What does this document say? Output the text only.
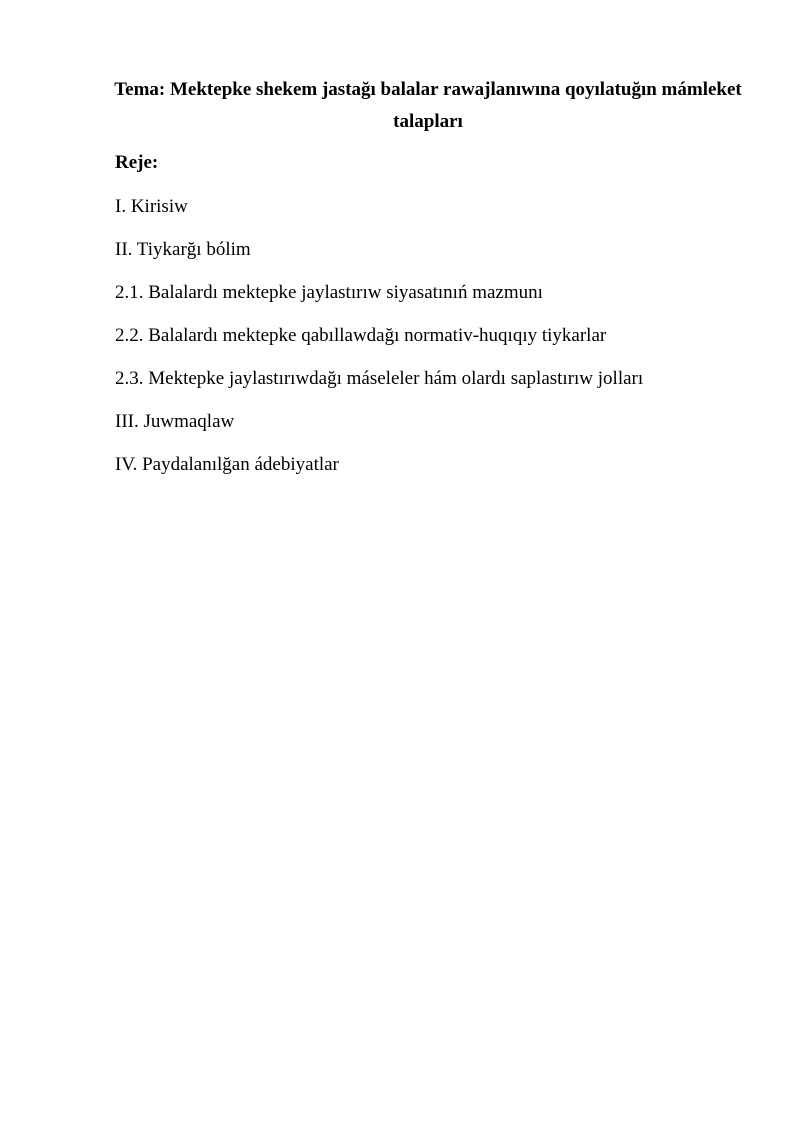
Tema: Mektepke shekem jastağı balalar rawajlanıwına qoyılatuğın mámleket talapları

Reje:

I. Kirisiw
II. Tiykarğı bólim
2.1. Balalardı mektepke jaylastırıw siyasatınıń mazmunı
2.2. Balalardı mektepke qabıllawdağı normativ-huqıqıy tiykarlar
2.3. Mektepke jaylastırıwdağı máseleler hám olardı saplastırıw jolları
III. Juwmaqlaw
IV. Paydalanılğan ádebiyatlar
